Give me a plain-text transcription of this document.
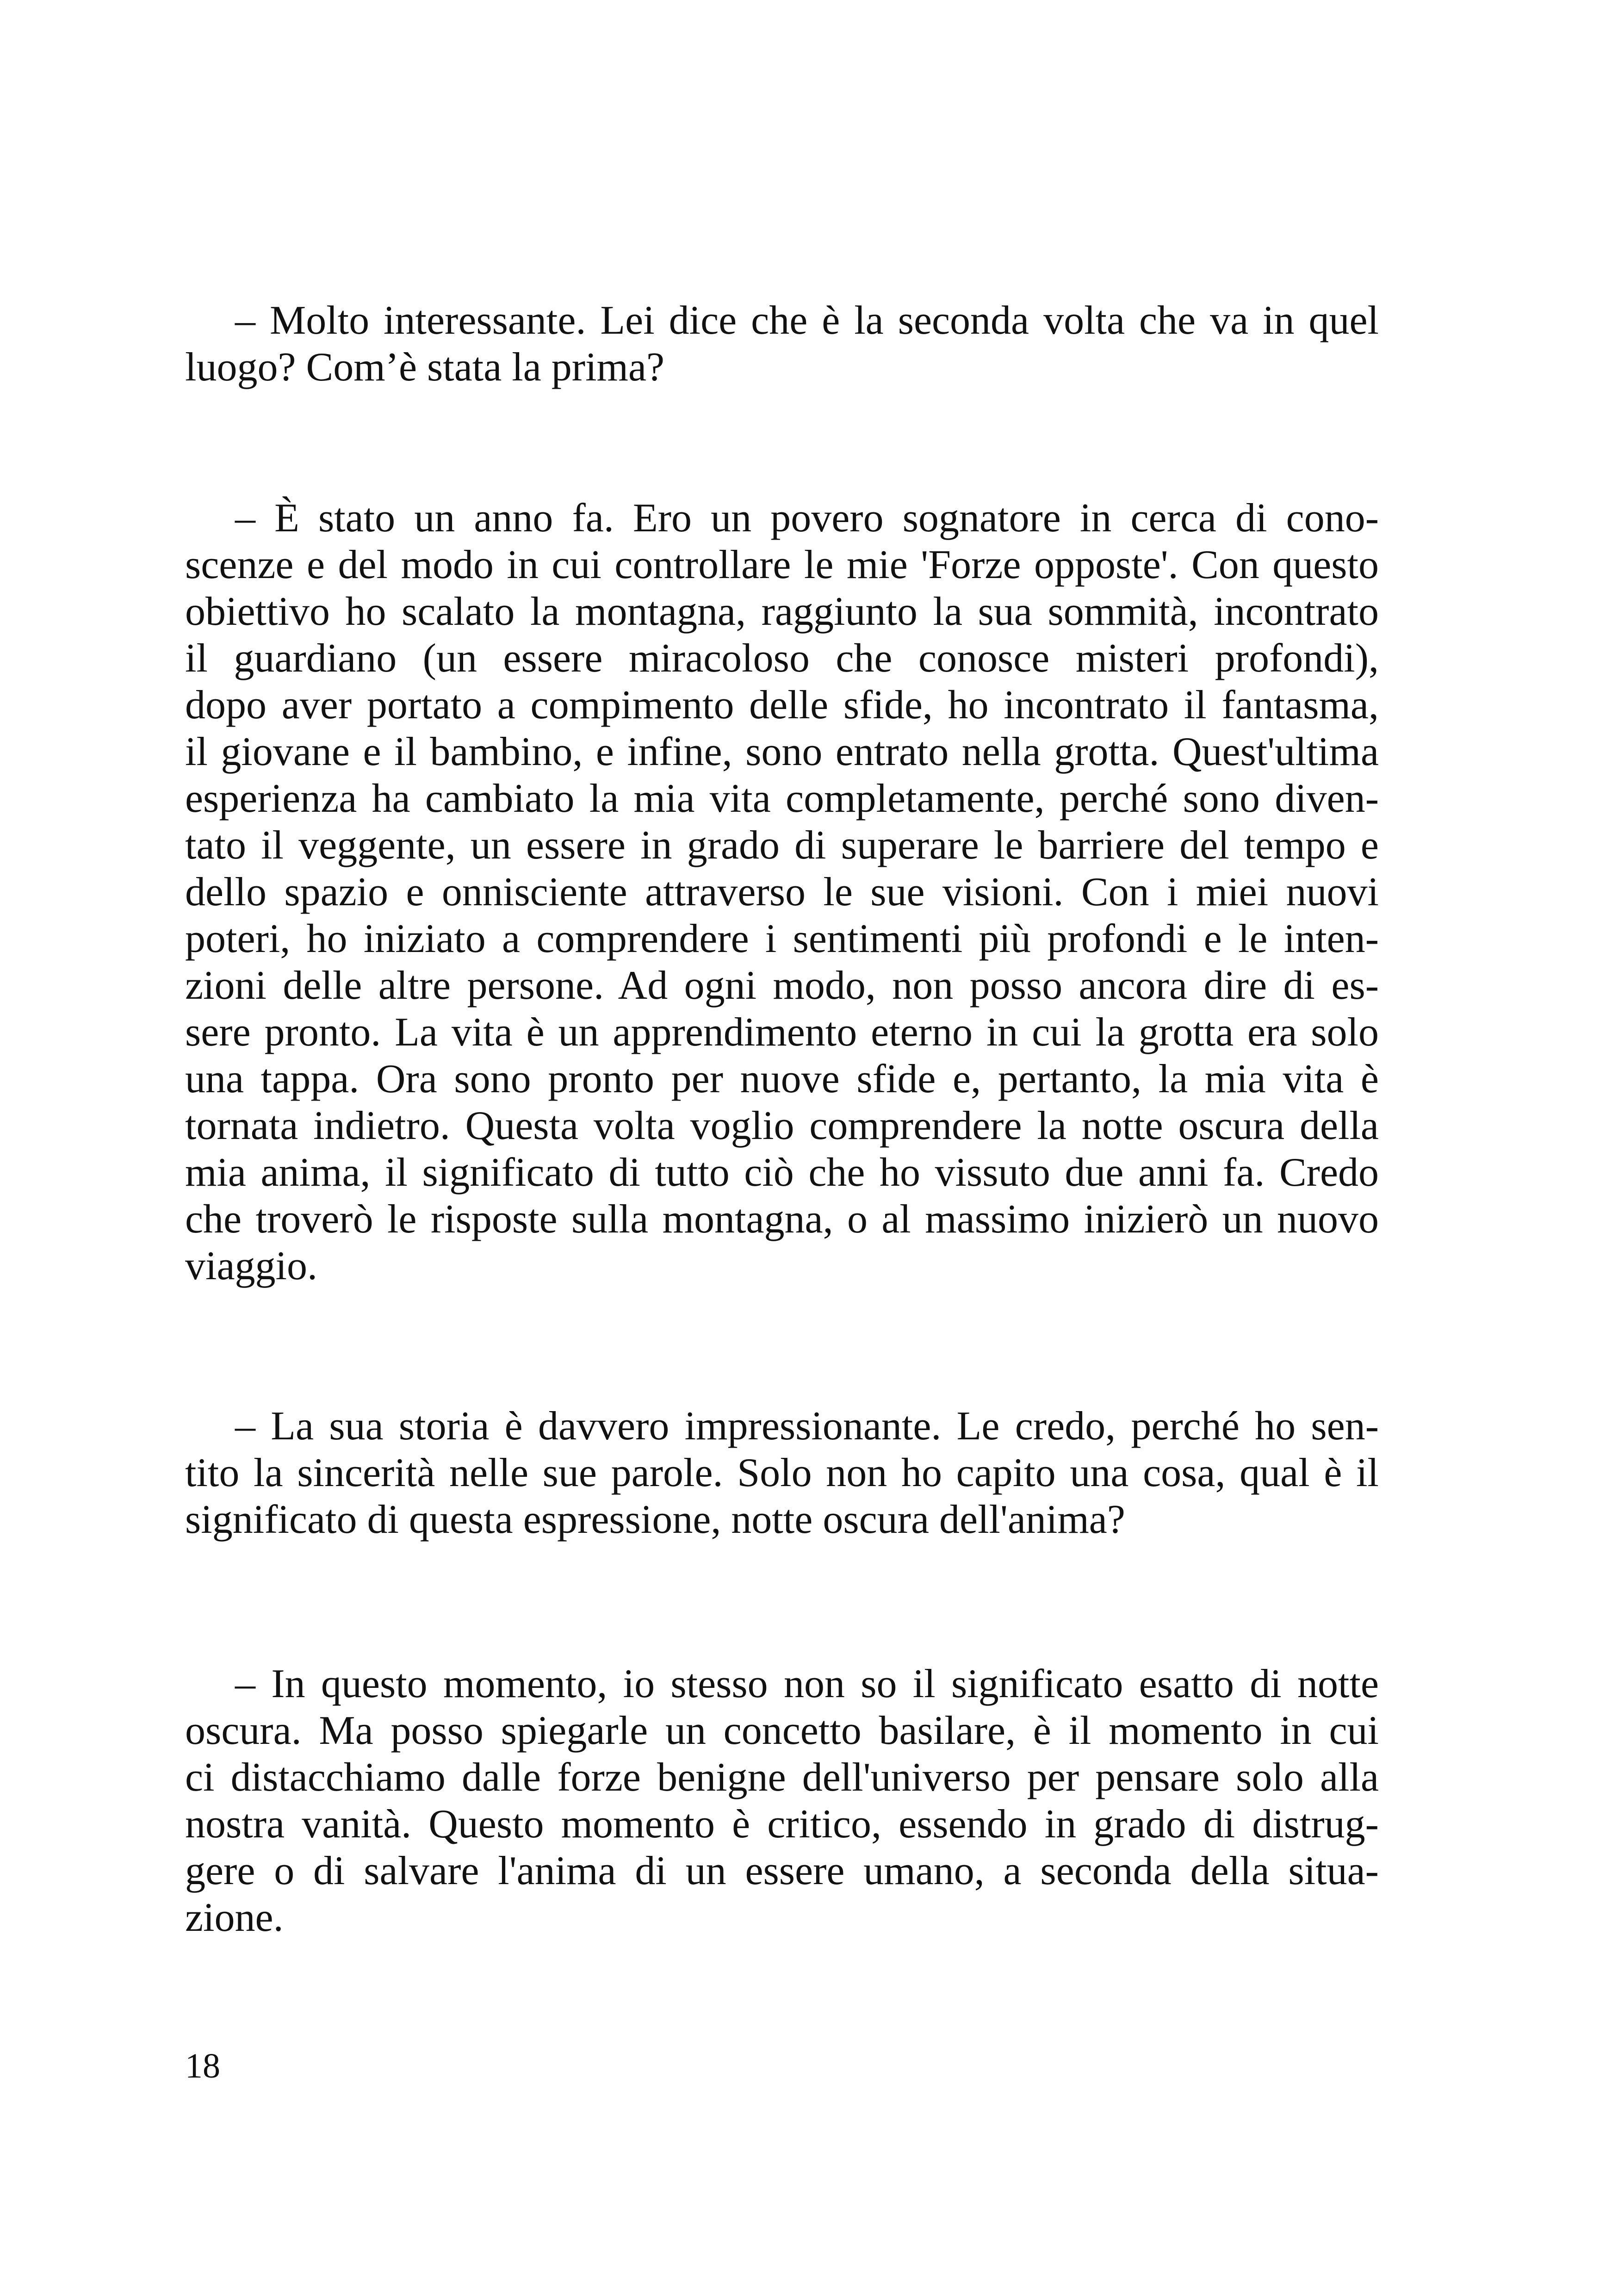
– Molto interessante. Lei dice che è la seconda volta che va in quel
luogo? Com’è stata la prima?
– È stato un anno fa. Ero un povero sognatore in cerca di cono-
scenze e del modo in cui controllare le mie 'Forze opposte'. Con questo
obiettivo ho scalato la montagna, raggiunto la sua sommità, incontrato
il guardiano (un essere miracoloso che conosce misteri profondi),
dopo aver portato a compimento delle sfide, ho incontrato il fantasma,
il giovane e il bambino, e infine, sono entrato nella grotta. Quest'ultima
esperienza ha cambiato la mia vita completamente, perché sono diven-
tato il veggente, un essere in grado di superare le barriere del tempo e
dello spazio e onnisciente attraverso le sue visioni. Con i miei nuovi
poteri, ho iniziato a comprendere i sentimenti più profondi e le inten-
zioni delle altre persone. Ad ogni modo, non posso ancora dire di es-
sere pronto. La vita è un apprendimento eterno in cui la grotta era solo
una tappa. Ora sono pronto per nuove sfide e, pertanto, la mia vita è
tornata indietro. Questa volta voglio comprendere la notte oscura della
mia anima, il significato di tutto ciò che ho vissuto due anni fa. Credo
che troverò le risposte sulla montagna, o al massimo inizierò un nuovo
viaggio.
– La sua storia è davvero impressionante. Le credo, perché ho sen-
tito la sincerità nelle sue parole. Solo non ho capito una cosa, qual è il
significato di questa espressione, notte oscura dell'anima?
– In questo momento, io stesso non so il significato esatto di notte
oscura. Ma posso spiegarle un concetto basilare, è il momento in cui
ci distacchiamo dalle forze benigne dell'universo per pensare solo alla
nostra vanità. Questo momento è critico, essendo in grado di distrug-
gere o di salvare l'anima di un essere umano, a seconda della situa-
zione.
18
